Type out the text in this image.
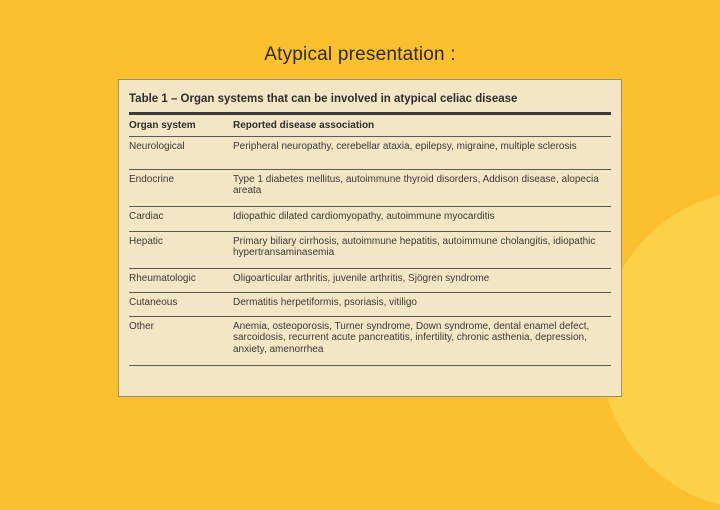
Atypical presentation :
Table 1 – Organ systems that can be involved in atypical celiac disease
Organ system	Reported disease association
Neurological	Peripheral neuropathy, cerebellar ataxia, epilepsy, migraine, multiple sclerosis
Endocrine	Type 1 diabetes mellitus, autoimmune thyroid disorders, Addison disease, alopecia areata
Cardiac	Idiopathic dilated cardiomyopathy, autoimmune myocarditis
Hepatic	Primary biliary cirrhosis, autoimmune hepatitis, autoimmune cholangitis, idiopathic hypertransaminasemia
Rheumatologic	Oligoarticular arthritis, juvenile arthritis, Sjögren syndrome
Cutaneous	Dermatitis herpetiformis, psoriasis, vitiligo
Other	Anemia, osteoporosis, Turner syndrome, Down syndrome, dental enamel defect, sarcoidosis, recurrent acute pancreatitis, infertility, chronic asthenia, depression, anxiety, amenorrhea
